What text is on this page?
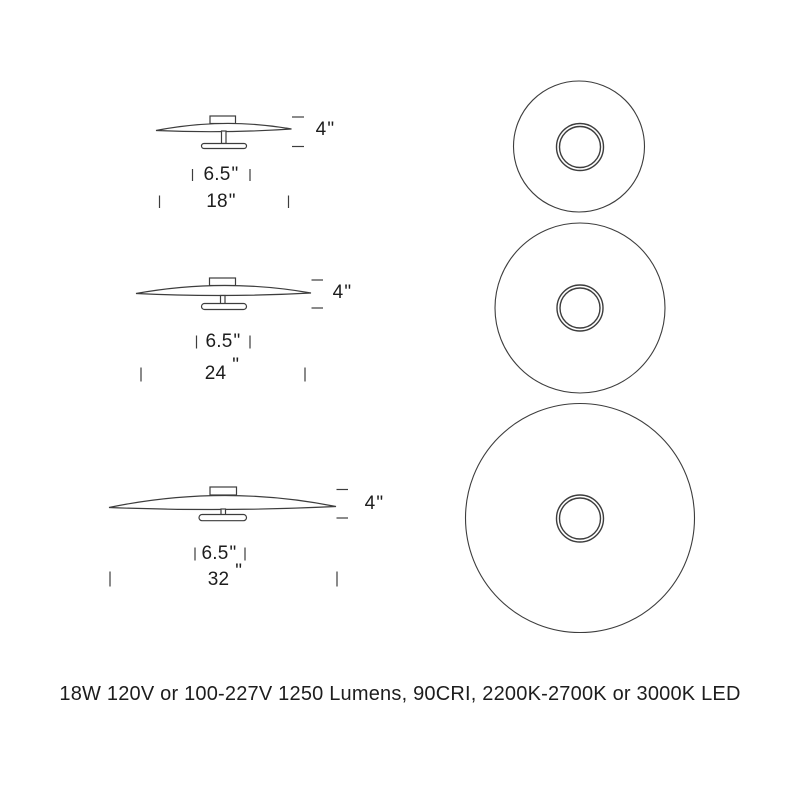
4"
6.5"
18"
4"
6.5"
24 "
4"
6.5"
32 "
18W 120V or 100-227V 1250 Lumens, 90CRI, 2200K-2700K or 3000K LED
